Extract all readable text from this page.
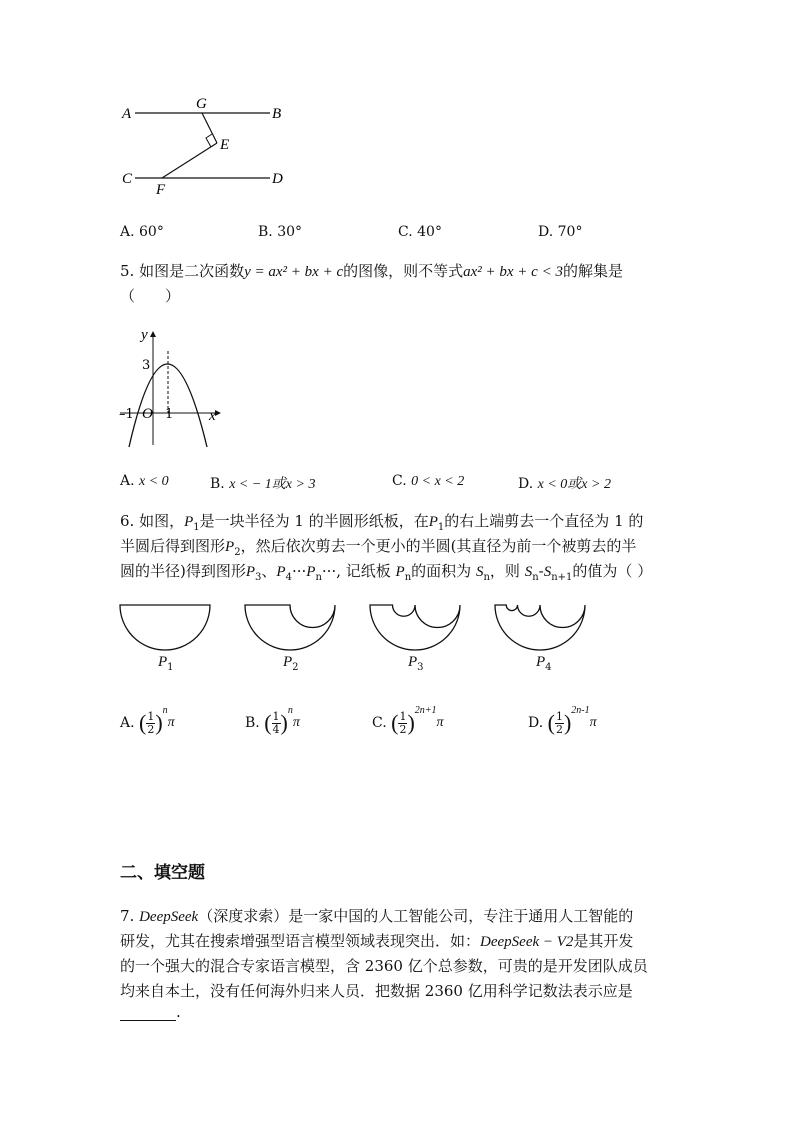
A	B
G
E
C	D
F
A. 60°	B. 30°	C. 40°	D. 70°
5. 如图是二次函数y = ax² + bx + c的图像，则不等式ax² + bx + c < 3的解集是
（　　）
y
3
–1 O 1 x
A. x < 0	B. x < − 1或x > 3	C. 0 < x < 2	D. x < 0或x > 2
6. 如图，$P_1$是一块半径为 1 的半圆形纸板，在$P_1$的右上端剪去一个直径为 1 的
半圆后得到图形$P_2$，然后依次剪去一个更小的半圆(其直径为前一个被剪去的半
圆的半径)得到图形$P_3$、$P_4\cdot\cdot\cdot P_n\cdot\cdot\cdot$, 记纸板 $P_n$的面积为 $S_n$，则 $S_n-S_{n+1}$的值为（ ）
$P_1$	$P_2$	$P_3$	$P_4$
A. ( $\frac{1}{2} )^n\pi$	B. ( $\frac{1}{4} )^n\pi$	C. ( $\frac{1}{2} )^{2n+1}\pi$	D. ( $\frac{1}{2} )^{2n-1}\pi$
二、填空题
7. DeepSeek（深度求索）是一家中国的人工智能公司，专注于通用人工智能的
研发，尤其在搜索增强型语言模型领域表现突出．如：DeepSeek − V2是其开发
的一个强大的混合专家语言模型，含 2360 亿个总参数，可贵的是开发团队成员
均来自本土，没有任何海外归来人员．把数据 2360 亿用科学记数法表示应是
.
